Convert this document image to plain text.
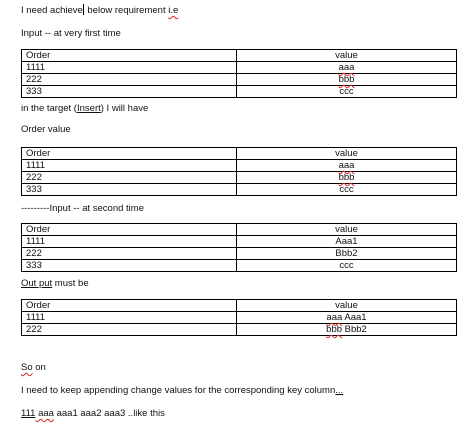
I need achieve below requirement i.e
Input -- at very first time
Order	value
1111	aaa
222	bbb
333	ccc
in the target (Insert) I will have
Order value
Order	value
1111	aaa
222	bbb
333	ccc
---------Input -- at second time
Order	value
1111	Aaa1
222	Bbb2
333	ccc
Out put must be
Order	value
1111	aaa Aaa1
222	bbb Bbb2
So on
I need to keep appending change values for the corresponding key column...
111 aaa aaa1 aaa2 aaa3 ..like this
